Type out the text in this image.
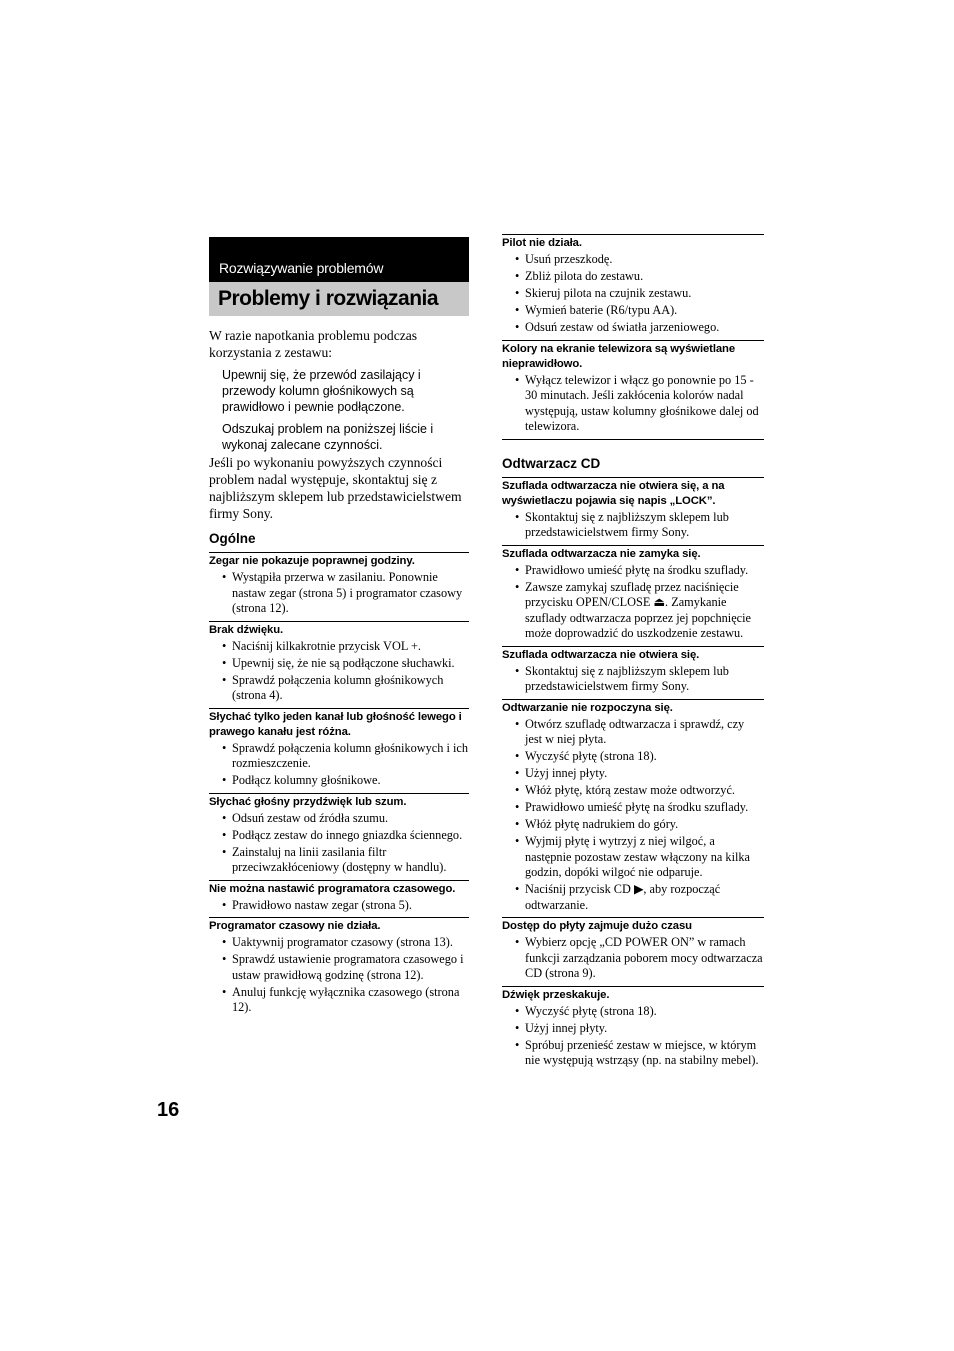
Rozwiązywanie problemów
Problemy i rozwiązania
W razie napotkania problemu podczas korzystania z zestawu:
Upewnij się, że przewód zasilający i przewody kolumn głośnikowych są prawidłowo i pewnie podłączone.
Odszukaj problem na poniższej liście i wykonaj zalecane czynności.
Jeśli po wykonaniu powyższych czynności problem nadal występuje, skontaktuj się z najbliższym sklepem lub przedstawicielstwem firmy Sony.
Ogólne
Zegar nie pokazuje poprawnej godziny.
• Wystąpiła przerwa w zasilaniu. Ponownie nastaw zegar (strona 5) i programator czasowy (strona 12).
Brak dźwięku.
• Naciśnij kilkakrotnie przycisk VOL +.
• Upewnij się, że nie są podłączone słuchawki.
• Sprawdź połączenia kolumn głośnikowych (strona 4).
Słychać tylko jeden kanał lub głośność lewego i prawego kanału jest różna.
• Sprawdź połączenia kolumn głośnikowych i ich rozmieszczenie.
• Podłącz kolumny głośnikowe.
Słychać głośny przydźwięk lub szum.
• Odsuń zestaw od źródła szumu.
• Podłącz zestaw do innego gniazdka ściennego.
• Zainstaluj na linii zasilania filtr przeciwzakłóceniowy (dostępny w handlu).
Nie można nastawić programatora czasowego.
• Prawidłowo nastaw zegar (strona 5).
Programator czasowy nie działa.
• Uaktywnij programator czasowy (strona 13).
• Sprawdź ustawienie programatora czasowego i ustaw prawidłową godzinę (strona 12).
• Anuluj funkcję wyłącznika czasowego (strona 12).
Pilot nie działa.
• Usuń przeszkodę.
• Zbliż pilota do zestawu.
• Skieruj pilota na czujnik zestawu.
• Wymień baterie (R6/typu AA).
• Odsuń zestaw od światła jarzeniowego.
Kolory na ekranie telewizora są wyświetlane nieprawidłowo.
• Wyłącz telewizor i włącz go ponownie po 15 - 30 minutach. Jeśli zakłócenia kolorów nadal występują, ustaw kolumny głośnikowe dalej od telewizora.
Odtwarzacz CD
Szuflada odtwarzacza nie otwiera się, a na wyświetlaczu pojawia się napis „LOCK”.
• Skontaktuj się z najbliższym sklepem lub przedstawicielstwem firmy Sony.
Szuflada odtwarzacza nie zamyka się.
• Prawidłowo umieść płytę na środku szuflady.
• Zawsze zamykaj szufladę przez naciśnięcie przycisku OPEN/CLOSE ⏏. Zamykanie szuflady odtwarzacza poprzez jej popchnięcie może doprowadzić do uszkodzenie zestawu.
Szuflada odtwarzacza nie otwiera się.
• Skontaktuj się z najbliższym sklepem lub przedstawicielstwem firmy Sony.
Odtwarzanie nie rozpoczyna się.
• Otwórz szufladę odtwarzacza i sprawdź, czy jest w niej płyta.
• Wyczyść płytę (strona 18).
• Użyj innej płyty.
• Włóż płytę, którą zestaw może odtworzyć.
• Prawidłowo umieść płytę na środku szuflady.
• Włóż płytę nadrukiem do góry.
• Wyjmij płytę i wytrzyj z niej wilgoć, a następnie pozostaw zestaw włączony na kilka godzin, dopóki wilgoć nie odparuje.
• Naciśnij przycisk CD ▶, aby rozpocząć odtwarzanie.
Dostęp do płyty zajmuje dużo czasu
• Wybierz opcję „CD POWER ON” w ramach funkcji zarządzania poborem mocy odtwarzacza CD (strona 9).
Dźwięk przeskakuje.
• Wyczyść płytę (strona 18).
• Użyj innej płyty.
• Spróbuj przenieść zestaw w miejsce, w którym nie występują wstrząsy (np. na stabilny mebel).
16
